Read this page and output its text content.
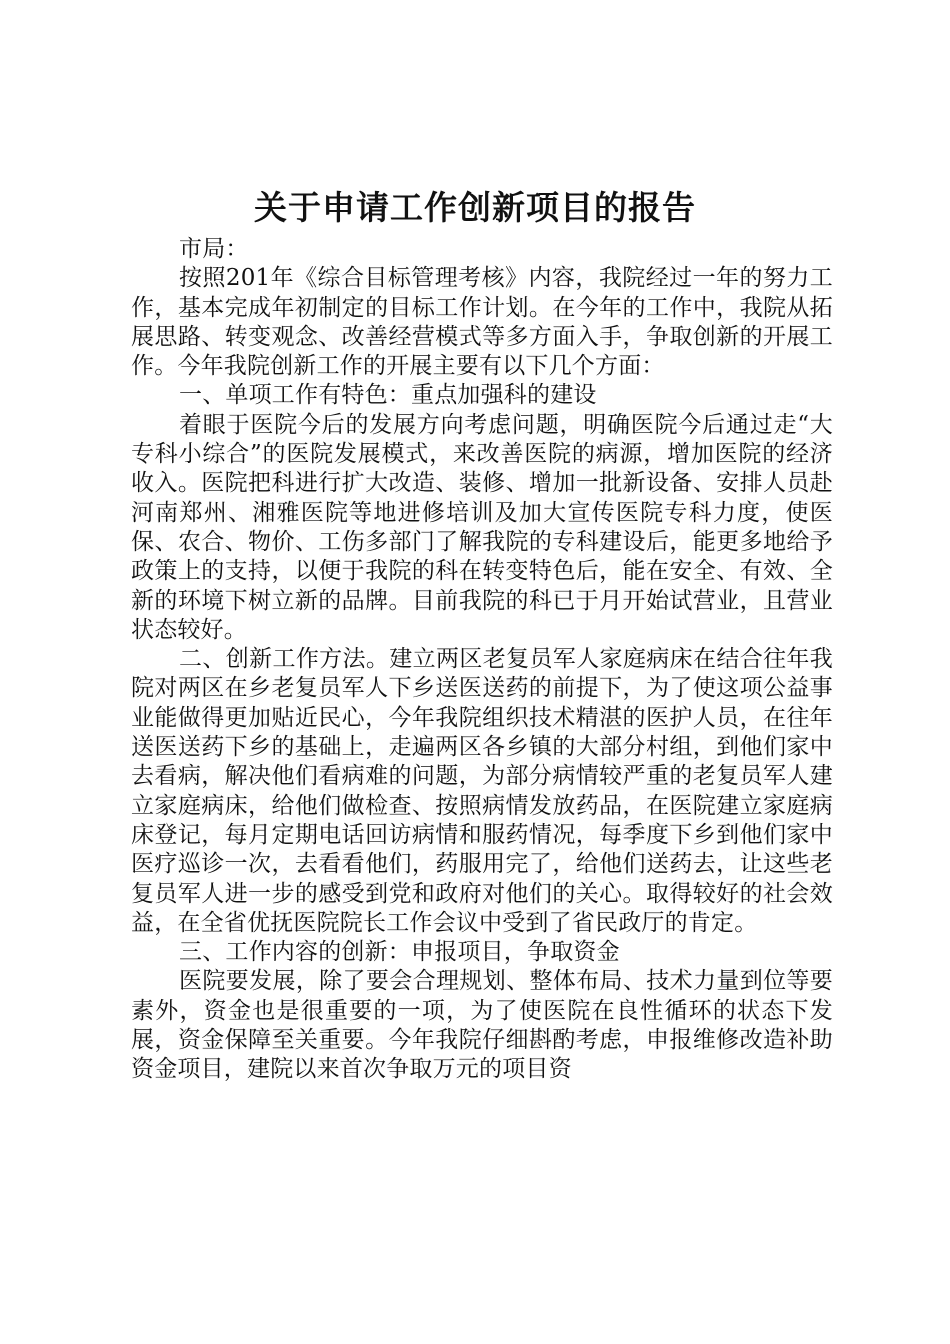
关于申请工作创新项目的报告

市局：

按照201年《综合目标管理考核》内容，我院经过一年的努力工作，基本完成年初制定的目标工作计划。在今年的工作中，我院从拓展思路、转变观念、改善经营模式等多方面入手，争取创新的开展工作。今年我院创新工作的开展主要有以下几个方面：

一、单项工作有特色：重点加强科的建设

着眼于医院今后的发展方向考虑问题，明确医院今后通过走“大专科小综合”的医院发展模式，来改善医院的病源，增加医院的经济收入。医院把科进行扩大改造、装修、增加一批新设备、安排人员赴河南郑州、湘雅医院等地进修培训及加大宣传医院专科力度，使医保、农合、物价、工伤多部门了解我院的专科建设后，能更多地给予政策上的支持，以便于我院的科在转变特色后，能在安全、有效、全新的环境下树立新的品牌。目前我院的科已于月开始试营业，且营业状态较好。

二、创新工作方法。建立两区老复员军人家庭病床在结合往年我院对两区在乡老复员军人下乡送医送药的前提下，为了使这项公益事业能做得更加贴近民心，今年我院组织技术精湛的医护人员，在往年送医送药下乡的基础上，走遍两区各乡镇的大部分村组，到他们家中去看病，解决他们看病难的问题，为部分病情较严重的老复员军人建立家庭病床，给他们做检查、按照病情发放药品，在医院建立家庭病床登记，每月定期电话回访病情和服药情况，每季度下乡到他们家中医疗巡诊一次，去看看他们，药服用完了，给他们送药去，让这些老复员军人进一步的感受到党和政府对他们的关心。取得较好的社会效益，在全省优抚医院院长工作会议中受到了省民政厅的肯定。

三、工作内容的创新：申报项目，争取资金

医院要发展，除了要会合理规划、整体布局、技术力量到位等要素外，资金也是很重要的一项，为了使医院在良性循环的状态下发展，资金保障至关重要。今年我院仔细斟酌考虑，申报维修改造补助资金项目，建院以来首次争取万元的项目资
